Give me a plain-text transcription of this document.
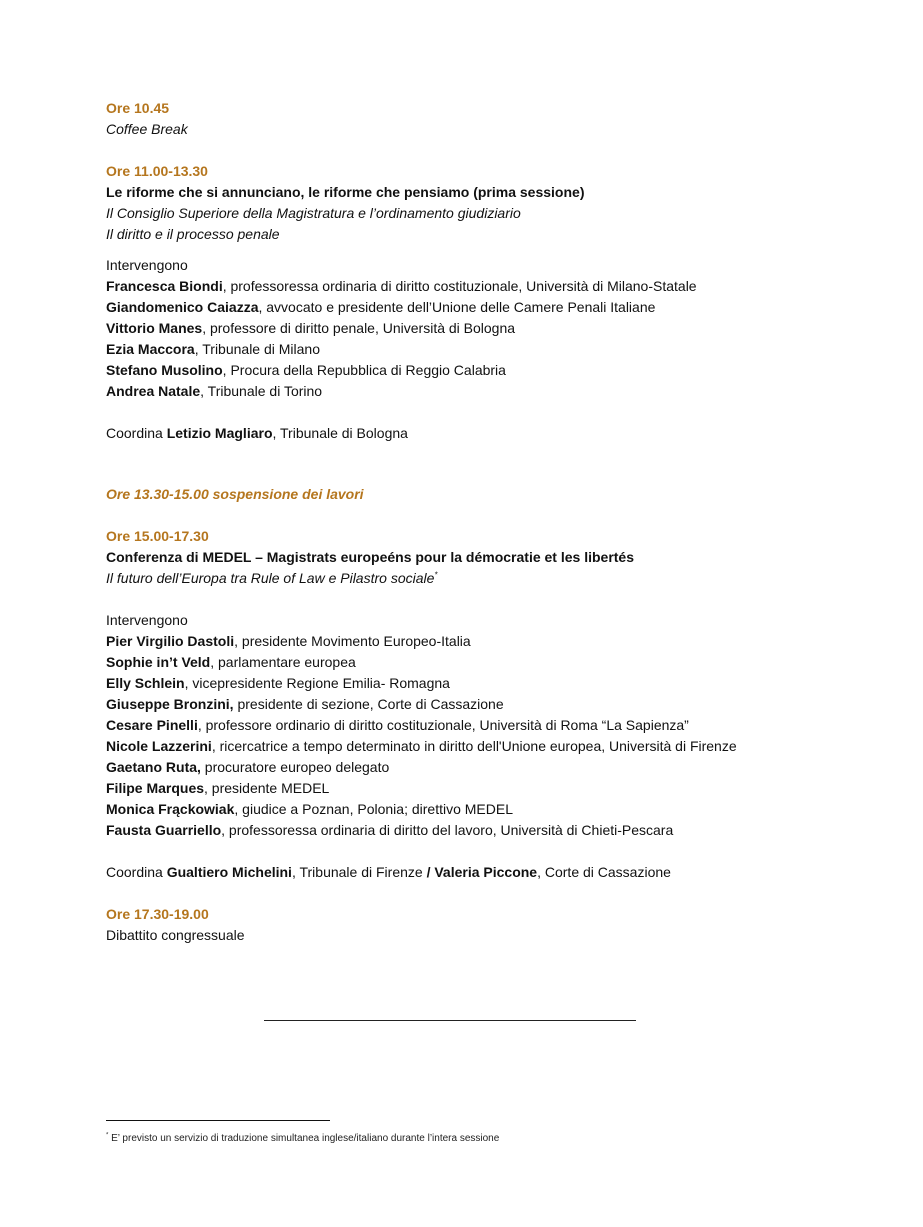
Ore 10.45
Coffee Break
Ore 11.00-13.30
Le riforme che si annunciano, le riforme che pensiamo (prima sessione)
Il Consiglio Superiore della Magistratura e l’ordinamento giudiziario
Il diritto e il processo penale
Intervengono
Francesca Biondi, professoressa ordinaria di diritto costituzionale, Università di Milano-Statale
Giandomenico Caiazza, avvocato e presidente dell’Unione delle Camere Penali Italiane
Vittorio Manes, professore di diritto penale, Università di Bologna
Ezia Maccora, Tribunale di Milano
Stefano Musolino, Procura della Repubblica di Reggio Calabria
Andrea Natale, Tribunale di Torino
Coordina Letizio Magliaro, Tribunale di Bologna
Ore 13.30-15.00 sospensione dei lavori
Ore 15.00-17.30
Conferenza di MEDEL – Magistrats europeéns pour la démocratie et les libertés
Il futuro dell’Europa tra Rule of Law e Pilastro sociale*
Intervengono
Pier Virgilio Dastoli, presidente Movimento Europeo-Italia
Sophie in’t Veld, parlamentare europea
Elly Schlein, vicepresidente Regione Emilia- Romagna
Giuseppe Bronzini, presidente di sezione, Corte di Cassazione
Cesare Pinelli, professore ordinario di diritto costituzionale, Università di Roma “La Sapienza”
Nicole Lazzerini, ricercatrice a tempo determinato in diritto dell'Unione europea, Università di Firenze
Gaetano Ruta, procuratore europeo delegato
Filipe Marques, presidente MEDEL
Monica Frąckowiak, giudice a Poznan, Polonia; direttivo MEDEL
Fausta Guarriello, professoressa ordinaria di diritto del lavoro, Università di Chieti-Pescara
Coordina Gualtiero Michelini, Tribunale di Firenze / Valeria Piccone, Corte di Cassazione
Ore 17.30-19.00
Dibattito congressuale
* E’ previsto un servizio di traduzione simultanea inglese/italiano durante l’intera sessione
